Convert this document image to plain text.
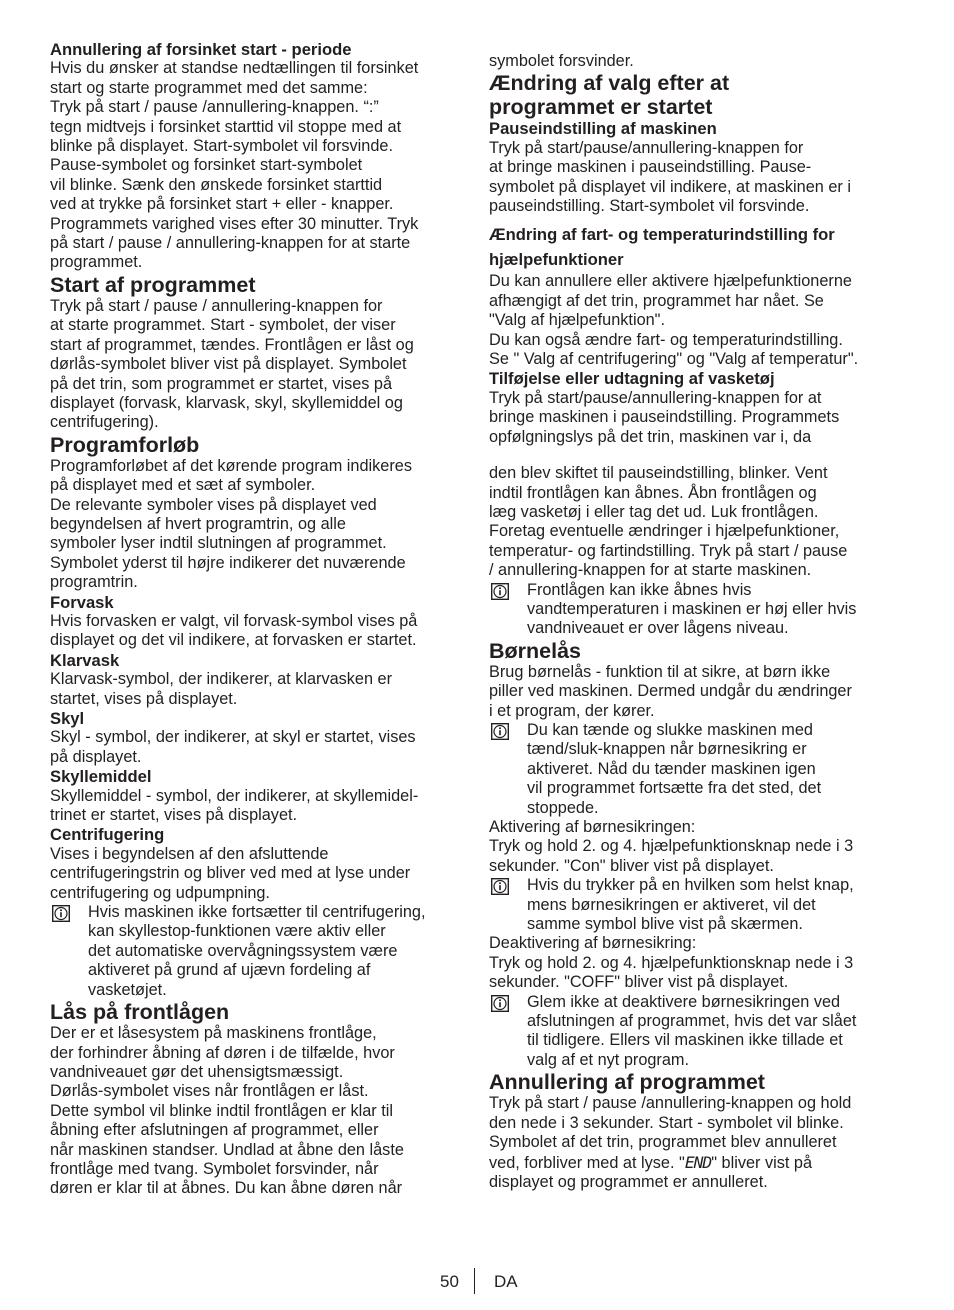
Annullering af forsinket start - periode
Hvis du ønsker at standse nedtællingen til forsinket
start og starte programmet med det samme:
Tryk på start / pause /annullering-knappen. “:”
tegn midtvejs i forsinket starttid vil stoppe med at
blinke på displayet. Start-symbolet vil forsvinde.
Pause-symbolet og forsinket start-symbolet
vil blinke. Sænk den ønskede forsinket starttid
ved at trykke på forsinket start + eller - knapper.
Programmets varighed vises efter 30 minutter. Tryk
på start / pause / annullering-knappen for at starte
programmet.
Start af programmet
Tryk på start / pause / annullering-knappen for
at starte programmet. Start - symbolet, der viser
start af programmet, tændes. Frontlågen er låst og
dørlås-symbolet bliver vist på displayet. Symbolet
på det trin, som programmet er startet, vises på
displayet (forvask, klarvask, skyl, skyllemiddel og
centrifugering).
Programforløb
Programforløbet af det kørende program indikeres
på displayet med et sæt af symboler.
De relevante symboler vises på displayet ved
begyndelsen af hvert programtrin, og alle
symboler lyser indtil slutningen af programmet.
Symbolet yderst til højre indikerer det nuværende
programtrin.
Forvask
Hvis forvasken er valgt, vil forvask-symbol vises på
displayet og det vil indikere, at forvasken er startet.
Klarvask
Klarvask-symbol, der indikerer, at klarvasken er
startet, vises på displayet.
Skyl
Skyl - symbol, der indikerer, at skyl er startet, vises
på displayet.
Skyllemiddel
Skyllemiddel - symbol, der indikerer, at skyllemidel-
trinet er startet, vises på displayet.
Centrifugering
Vises i begyndelsen af den afsluttende
centrifugeringstrin og bliver ved med at lyse under
centrifugering og udpumpning.
Hvis maskinen ikke fortsætter til centrifugering,
kan skyllestop-funktionen være aktiv eller
det automatiske overvågningssystem være
aktiveret på grund af ujævn fordeling af
vasketøjet.
Lås på frontlågen
Der er et låsesystem på maskinens frontlåge,
der forhindrer åbning af døren i de tilfælde, hvor
vandniveauet gør det uhensigtsmæssigt.
Dørlås-symbolet vises når frontlågen er låst.
Dette symbol vil blinke indtil frontlågen er klar til
åbning efter afslutningen af programmet, eller
når maskinen standser. Undlad at åbne den låste
frontlåge med tvang. Symbolet forsvinder, når
døren er klar til at åbnes. Du kan åbne døren når
symbolet forsvinder.
Ændring af valg efter at
programmet er startet
Pauseindstilling af maskinen
Tryk på start/pause/annullering-knappen for
at bringe maskinen i pauseindstilling. Pause-
symbolet på displayet vil indikere, at maskinen er i
pauseindstilling. Start-symbolet vil forsvinde.
Ændring af fart- og temperaturindstilling for
hjælpefunktioner
Du kan annullere eller aktivere hjælpefunktionerne
afhængigt af det trin, programmet har nået. Se
"Valg af hjælpefunktion".
Du kan også ændre fart- og temperaturindstilling.
Se " Valg af centrifugering" og "Valg af temperatur".
Tilføjelse eller udtagning af vasketøj
Tryk på start/pause/annullering-knappen for at
bringe maskinen i pauseindstilling. Programmets
opfølgningslys på det trin, maskinen var i, da
den blev skiftet til pauseindstilling, blinker. Vent
indtil frontlågen kan åbnes. Åbn frontlågen og
læg vasketøj i eller tag det ud. Luk frontlågen.
Foretag eventuelle ændringer i hjælpefunktioner,
temperatur- og fartindstilling. Tryk på start / pause
/ annullering-knappen for at starte maskinen.
Frontlågen kan ikke åbnes hvis
vandtemperaturen i maskinen er høj eller hvis
vandniveauet er over lågens niveau.
Børnelås
Brug børnelås - funktion til at sikre, at børn ikke
piller ved maskinen. Dermed undgår du ændringer
i et program, der kører.
Du kan tænde og slukke maskinen med
tænd/sluk-knappen når børnesikring er
aktiveret. Nåd du tænder maskinen igen
vil programmet fortsætte fra det sted, det
stoppede.
Aktivering af børnesikringen:
Tryk og hold 2. og 4. hjælpefunktionsknap nede i 3
sekunder. "Con" bliver vist på displayet.
Hvis du trykker på en hvilken som helst knap,
mens børnesikringen er aktiveret, vil det
samme symbol blive vist på skærmen.
Deaktivering af børnesikring:
Tryk og hold 2. og 4. hjælpefunktionsknap nede i 3
sekunder. "COFF" bliver vist på displayet.
Glem ikke at deaktivere børnesikringen ved
afslutningen af programmet, hvis det var slået
til tidligere. Ellers vil maskinen ikke tillade et
valg af et nyt program.
Annullering af programmet
Tryk på start / pause /annullering-knappen og hold
den nede i 3 sekunder. Start - symbolet vil blinke.
Symbolet af det trin, programmet blev annulleret
ved, forbliver med at lyse. "END" bliver vist på
displayet og programmet er annulleret.
50 DA
